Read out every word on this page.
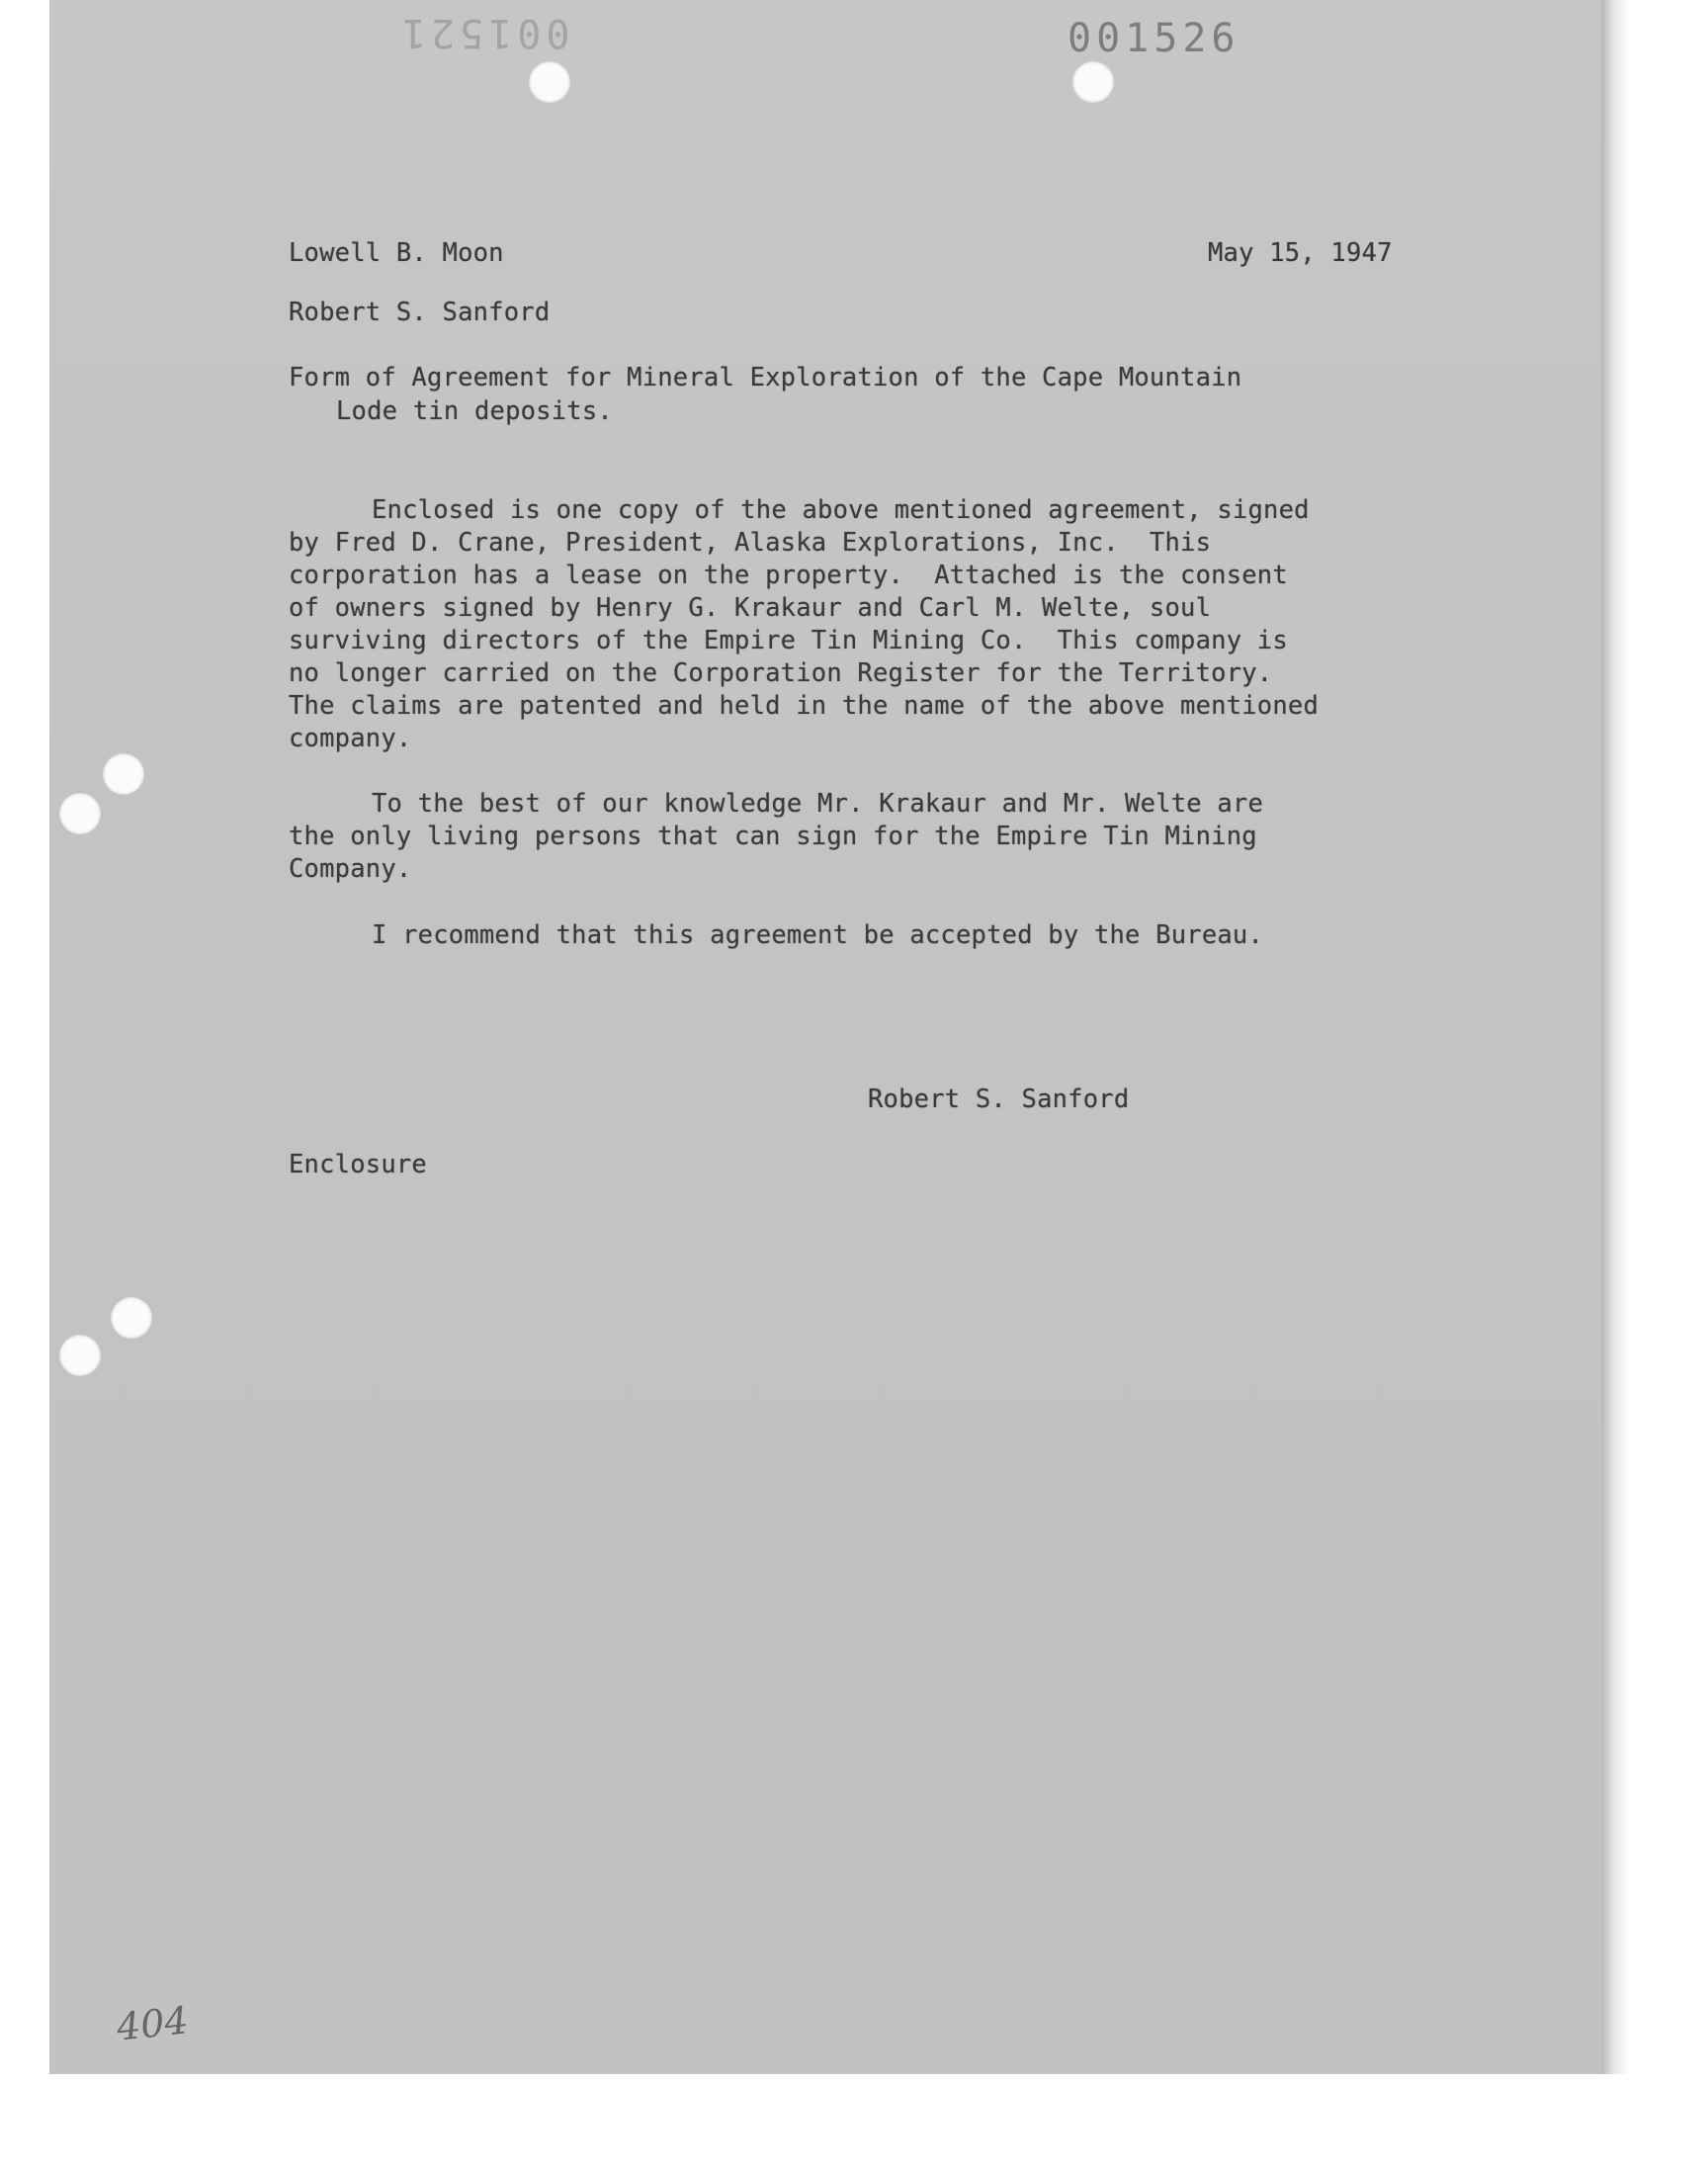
001521	001526
Lowell B. Moon	May 15, 1947
Robert S. Sanford
Form of Agreement for Mineral Exploration of the Cape Mountain
Lode tin deposits.
Enclosed is one copy of the above mentioned agreement, signed
by Fred D. Crane, President, Alaska Explorations, Inc.  This
corporation has a lease on the property.  Attached is the consent
of owners signed by Henry G. Krakaur and Carl M. Welte, soul
surviving directors of the Empire Tin Mining Co.  This company is
no longer carried on the Corporation Register for the Territory.
The claims are patented and held in the name of the above mentioned
company.
To the best of our knowledge Mr. Krakaur and Mr. Welte are
the only living persons that can sign for the Empire Tin Mining
Company.
I recommend that this agreement be accepted by the Bureau.
Robert S. Sanford
Enclosure
404
